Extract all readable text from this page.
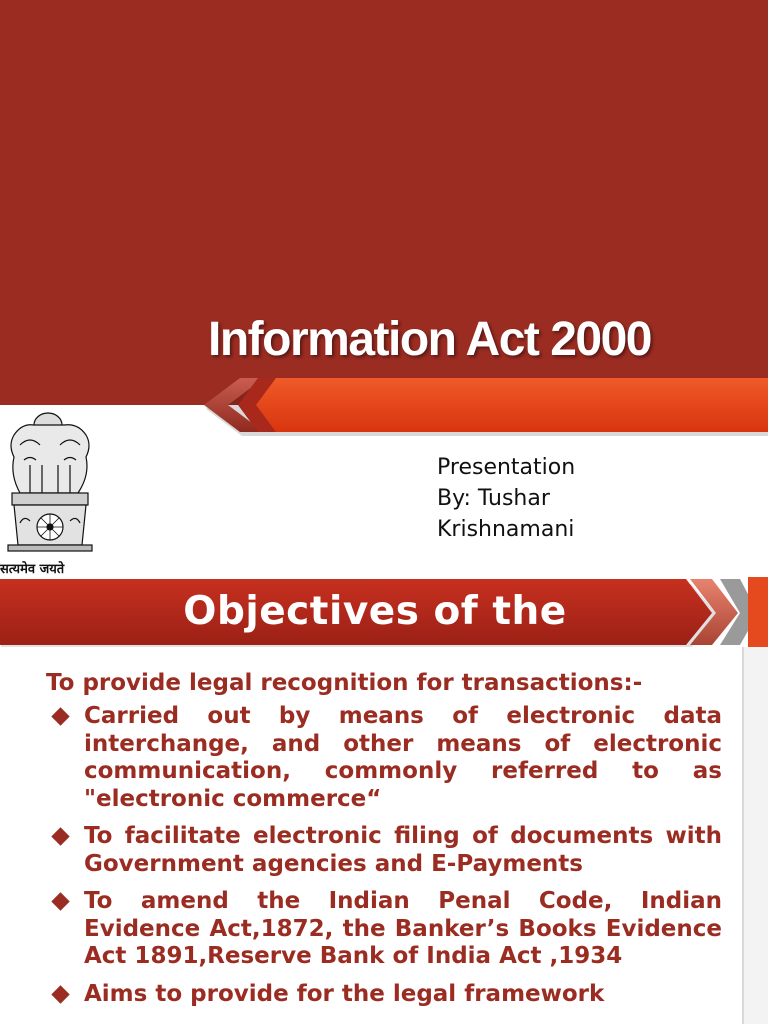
Information Act 2000
सत्यमेव जयते
Presentation
By: Tushar
Krishnamani
Objectives of the
To provide legal recognition for transactions:-
Carried out by means of electronic data interchange, and other means of electronic communication, commonly referred to as "electronic commerce“
To facilitate electronic filing of documents with Government agencies and E-Payments
To amend the Indian Penal Code, Indian Evidence Act,1872, the Banker’s Books Evidence Act 1891,Reserve Bank of India Act ,1934
Aims to provide for the legal framework
